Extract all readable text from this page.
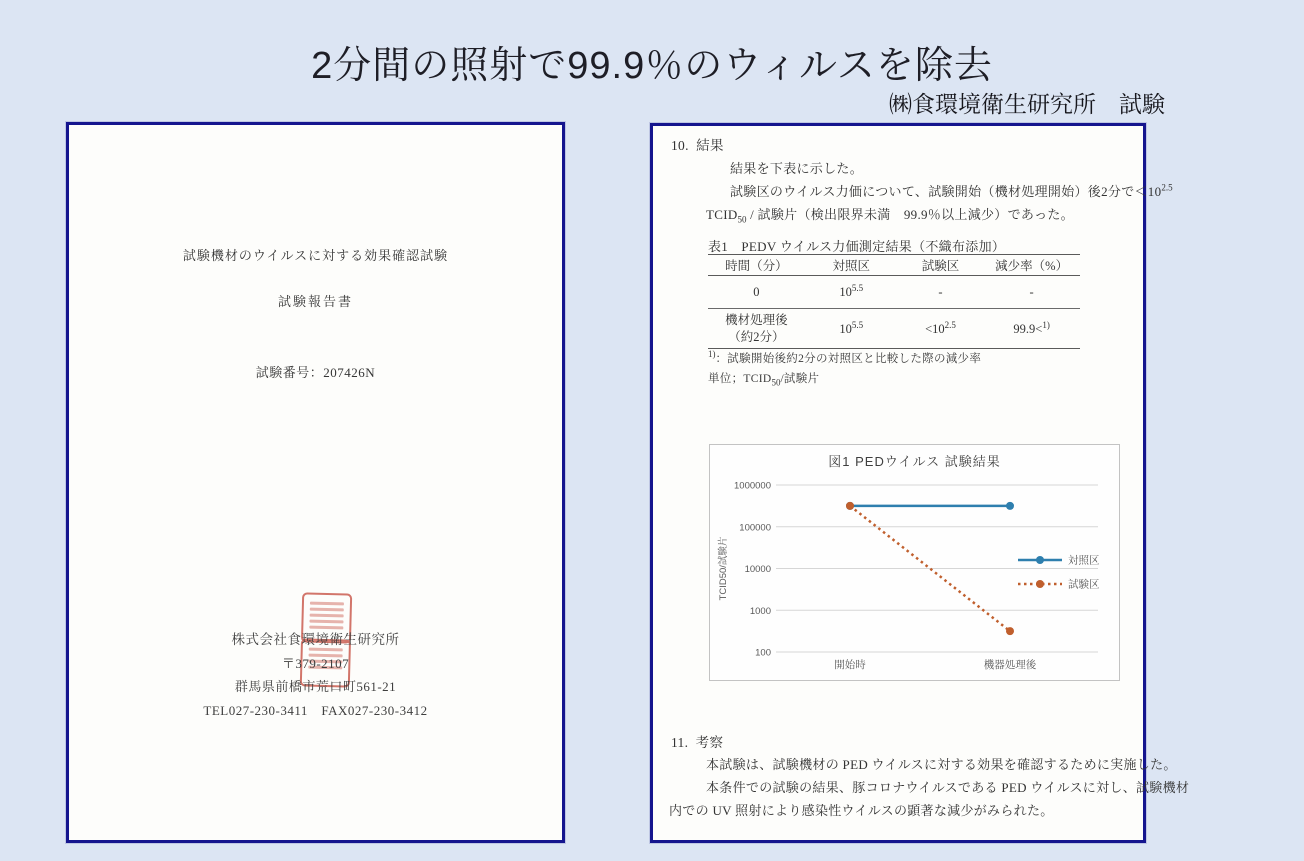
2分間の照射で99.9％のウィルスを除去
㈱食環境衛生研究所　試験
試験機材のウイルスに対する効果確認試験
試験報告書
試験番号：207426N
株式会社食環境衛生研究所
〒379-2107
群馬県前橋市荒口町561-21
TEL027-230-3411　FAX027-230-3412
10. 結果
結果を下表に示した。
試験区のウイルス力価について、試験開始（機材処理開始）後2分で$<10^{2.5}$
$TCID_{50}$ / 試験片（検出限界未満　99.9％以上減少）であった。
表1　PEDV ウイルス力価測定結果（不織布添加）
時間（分）	対照区	試験区	減少率（%）
0	$10^{5.5}$	-	-
機材処理後
（約2分）	$10^{5.5}$	$<10^{2.5}$	99.9<$^{1)}$
$^{1)}$：試験開始後約2分の対照区と比較した際の減少率
単位；$TCID_{50}/$試験片
図1 PEDウイルス 試験結果
1000000
100000
10000
1000
100
開始時	機器処理後
対照区
試験区
TCID50/試験片
11. 考察
本試験は、試験機材の PED ウイルスに対する効果を確認するために実施した。
本条件での試験の結果、豚コロナウイルスである PED ウイルスに対し、試験機材
内での UV 照射により感染性ウイルスの顕著な減少がみられた。
